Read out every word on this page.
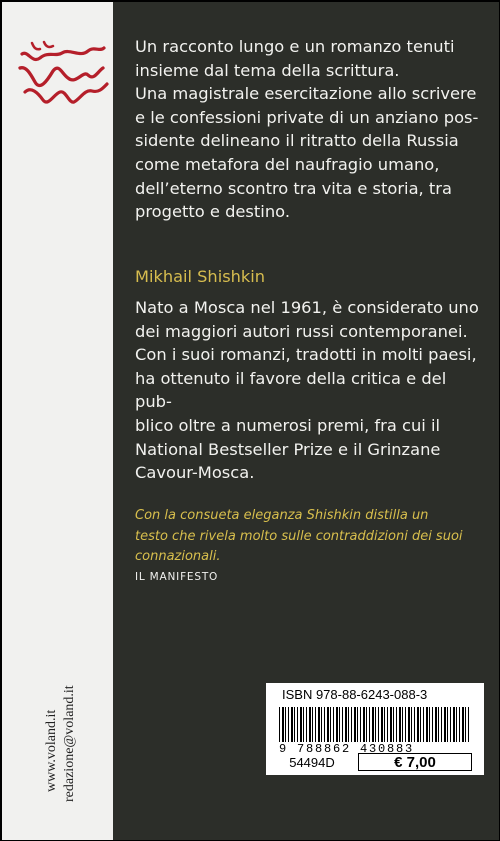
www.voland.it redazione@voland.it

Un racconto lungo e un romanzo tenuti

insieme dal tema della scrittura.

Una magistrale esercitazione allo scrivere

e le confessioni private di un anziano pos-

sidente delineano il ritratto della Russia

come metafora del naufragio umano,

dell’eterno scontro tra vita e storia, tra

progetto e destino.

Mikhail Shishkin

Nato a Mosca nel 1961, è considerato uno

dei maggiori autori russi contemporanei.

Con i suoi romanzi, tradotti in molti paesi,

ha ottenuto il favore della critica e del pub-

blico oltre a numerosi premi, fra cui il

National Bestseller Prize e il Grinzane

Cavour-Mosca.

Con la consueta eleganza Shishkin distilla un
testo che rivela molto sulle contraddizioni dei suoi
connazionali.
IL MANIFESTO
ISBN 978-88-6243-088-3
9 788862 430883
54494D	€ 7,00
